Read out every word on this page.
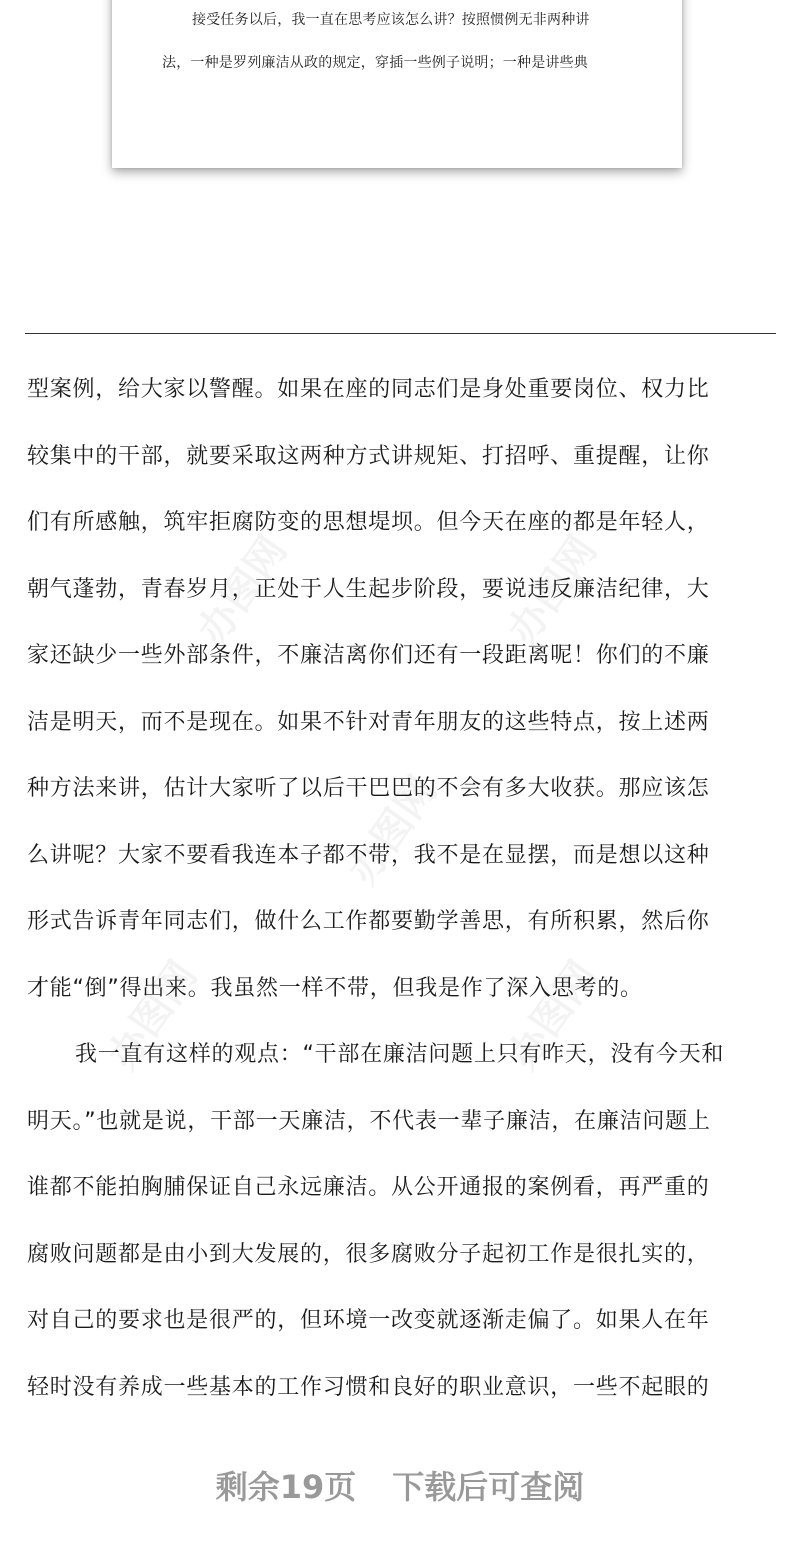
接受任务以后，我一直在思考应该怎么讲？按照惯例无非两种讲
法，一种是罗列廉洁从政的规定，穿插一些例子说明；一种是讲些典
办图网	办图网
办图网
办图网	办图网
型案例，给大家以警醒。如果在座的同志们是身处重要岗位、权力比
较集中的干部，就要采取这两种方式讲规矩、打招呼、重提醒，让你
们有所感触，筑牢拒腐防变的思想堤坝。但今天在座的都是年轻人，
朝气蓬勃，青春岁月，正处于人生起步阶段，要说违反廉洁纪律，大
家还缺少一些外部条件，不廉洁离你们还有一段距离呢！你们的不廉
洁是明天，而不是现在。如果不针对青年朋友的这些特点，按上述两
种方法来讲，估计大家听了以后干巴巴的不会有多大收获。那应该怎
么讲呢？大家不要看我连本子都不带，我不是在显摆，而是想以这种
形式告诉青年同志们，做什么工作都要勤学善思，有所积累，然后你
才能“倒”得出来。我虽然一样不带，但我是作了深入思考的。
我一直有这样的观点：“干部在廉洁问题上只有昨天，没有今天和
明天。”也就是说，干部一天廉洁，不代表一辈子廉洁，在廉洁问题上
谁都不能拍胸脯保证自己永远廉洁。从公开通报的案例看，再严重的
腐败问题都是由小到大发展的，很多腐败分子起初工作是很扎实的，
对自己的要求也是很严的，但环境一改变就逐渐走偏了。如果人在年
轻时没有养成一些基本的工作习惯和良好的职业意识，一些不起眼的
剩余19页 下载后可查阅
